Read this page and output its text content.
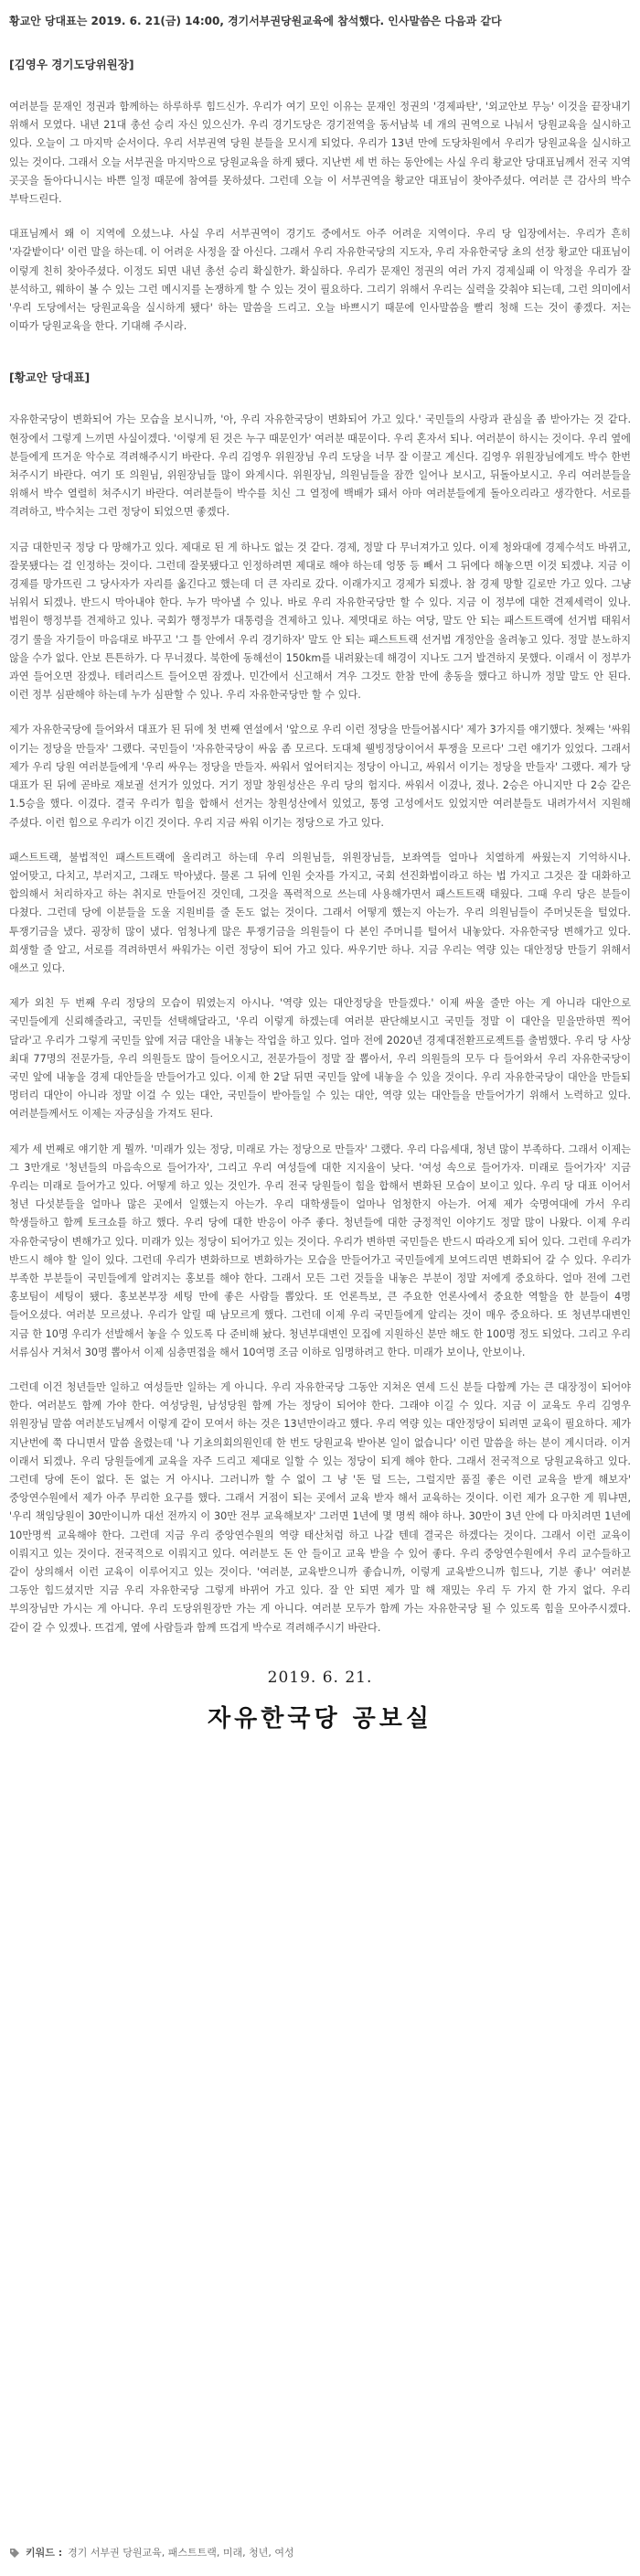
황교안 당대표는 2019. 6. 21(금) 14:00, 경기서부권당원교육에 참석했다. 인사말씀은 다음과 같다

[김영우 경기도당위원장]

여러분들 문재인 정권과 함께하는 하루하루 힘드신가. 우리가 여기 모인 이유는 문재인 정권의 '경제파탄', '외교안보 무능' 이것을 끝장내기 위해서 모였다. 내년 21대 총선 승리 자신 있으신가. 우리 경기도당은 경기전역을 동서남북 네 개의 권역으로 나눠서 당원교육을 실시하고 있다. 오늘이 그 마지막 순서이다. 우리 서부권역 당원 분들을 모시게 되었다. 우리가 13년 만에 도당차원에서 우리가 당원교육을 실시하고 있는 것이다. 그래서 오늘 서부권을 마지막으로 당원교육을 하게 됐다. 지난번 세 번 하는 동안에는 사실 우리 황교안 당대표님께서 전국 지역 곳곳을 돌아다니시는 바쁜 일정 때문에 참여를 못하셨다. 그런데 오늘 이 서부권역을 황교안 대표님이 찾아주셨다. 여러분 큰 감사의 박수 부탁드린다.

대표님께서 왜 이 지역에 오셨느냐. 사실 우리 서부권역이 경기도 중에서도 아주 어려운 지역이다. 우리 당 입장에서는. 우리가 흔히 '자갈밭이다' 이런 말을 하는데. 이 어려운 사정을 잘 아신다. 그래서 우리 자유한국당의 지도자, 우리 자유한국당 초의 선장 황교안 대표님이 이렇게 친히 찾아주셨다. 이정도 되면 내년 총선 승리 확실한가. 확실하다. 우리가 문재인 정권의 여러 가지 경제실패 이 악정을 우리가 잘 분석하고, 웨하이 볼 수 있는 그런 메시지를 논쟁하게 할 수 있는 것이 필요하다. 그리기 위해서 우리는 실력을 갖춰야 되는데, 그런 의미에서 '우리 도당에서는 당원교육을 실시하게 됐다' 하는 말씀을 드리고. 오늘 바쁘시기 때문에 인사말씀을 빨리 청해 드는 것이 좋겠다. 저는 이따가 당원교육을 한다. 기대해 주시라.

[황교안 당대표]

자유한국당이 변화되어 가는 모습을 보시니까, '아, 우리 자유한국당이 변화되어 가고 있다.' 국민들의 사랑과 관심을 좀 받아가는 것 같다. 현장에서 그렇게 느끼면 사실이겠다. '이렇게 된 것은 누구 때문인가' 여러분 때문이다. 우리 혼자서 되나. 여러분이 하시는 것이다. 우리 옆에 분들에게 뜨거운 악수로 격려해주시기 바란다. 우리 김영우 위원장님 우리 도당을 너무 잘 이끌고 계신다. 김영우 위원장님에게도 박수 한번 쳐주시기 바란다. 여기 또 의원님, 위원장님들 많이 와계시다. 위원장님, 의원님들을 잠깐 일어나 보시고, 뒤돌아보시고. 우리 여러분들을 위해서 박수 열렬히 쳐주시기 바란다. 여러분들이 박수를 치신 그 열정에 백배가 돼서 아마 여러분들에게 돌아오리라고 생각한다. 서로를 격려하고, 박수치는 그런 정당이 되었으면 좋겠다.

지금 대한민국 정당 다 망해가고 있다. 제대로 된 게 하나도 없는 것 같다. 경제, 정말 다 무너져가고 있다. 이제 청와대에 경제수석도 바뀌고, 잘못됐다는 걸 인정하는 것이다. 그런데 잘못됐다고 인정하려면 제대로 해야 하는데 엉뚱 등 빼서 그 뒤에다 해놓으면 이것 되겠냐. 지금 이 경제를 망가뜨린 그 당사자가 자리를 옮긴다고 했는데 더 큰 자리로 갔다. 이래가지고 경제가 되겠나. 참 경제 망할 길로만 가고 있다. 그냥 뉘워서 되겠나. 반드시 막아내야 한다. 누가 막아낼 수 있나. 바로 우리 자유한국당만 할 수 있다. 지금 이 정부에 대한 견제세력이 있나. 법원이 행정부를 견제하고 있나. 국회가 행정부가 대통령을 견제하고 있나. 제멋대로 하는 여당, 말도 안 되는 패스트트랙에 선거법 태워서 경기 룰을 자기들이 마음대로 바꾸고 '그 틀 안에서 우리 경기하자' 말도 안 되는 패스트트랙 선거법 개정안을 올려놓고 있다. 정말 분노하지 않을 수가 없다. 안보 튼튼하가. 다 무너졌다. 북한에 동해선이 150km를 내려왔는데 해경이 지나도 그거 발견하지 못했다. 이래서 이 정부가 과연 들어오면 잠겠나. 테러리스트 들어오면 잠겠나. 민간에서 신고해서 겨우 그것도 한참 만에 총동을 했다고 하니까 정말 말도 안 된다. 이런 정부 심판해야 하는데 누가 심판할 수 있나. 우리 자유한국당만 할 수 있다.

제가 자유한국당에 들어와서 대표가 된 뒤에 첫 번째 연설에서 '앞으로 우리 이런 정당을 만들어봅시다' 제가 3가지를 얘기했다. 첫째는 '싸워 이기는 정당을 만들자' 그랬다. 국민들이 '자유한국당이 싸움 좀 모르다. 도대체 웰빙정당이어서 투쟁을 모르다' 그런 얘기가 있었다. 그래서 제가 우리 당원 여러분들에게 '우리 싸우는 정당을 만들자. 싸워서 엎어터지는 정당이 아니고, 싸워서 이기는 정당을 만들자' 그랬다. 제가 당 대표가 된 뒤에 곧바로 재보궐 선거가 있었다. 거기 정말 창원성산은 우리 당의 험지다. 싸워서 이겼나, 졌나. 2승은 아니지만 다 2승 같은 1.5승을 했다. 이겼다. 결국 우리가 힘을 합해서 선거는 창원성산에서 있었고, 통영 고성에서도 있었지만 여러분들도 내려가셔서 지원해 주셨다. 이런 힘으로 우리가 이긴 것이다. 우리 지금 싸워 이기는 정당으로 가고 있다.

패스트트랙, 불법적인 패스트트랙에 올리려고 하는데 우리 의원님들, 위원장님들, 보좌역들 얼마나 치열하게 싸웠는지 기억하시나. 엎어맞고, 다치고, 부러지고, 그래도 막아냈다. 물론 그 뒤에 인원 숫자를 가지고, 국회 선진화법이라고 하는 법 가지고 그것은 잘 대화하고 합의해서 처리하자고 하는 취지로 만들어진 것인데, 그것을 폭력적으로 쓰는데 사용해가면서 패스트트랙 태웠다. 그때 우리 당은 분들이 다쳤다. 그런데 당에 이분들을 도울 지원비를 줄 돈도 없는 것이다. 그래서 어떻게 했는지 아는가. 우리 의원님들이 주머닛돈을 털었다. 투쟁기금을 냈다. 굉장히 많이 냈다. 엄청나게 많은 투쟁기금을 의원들이 다 본인 주머니를 털어서 내놓았다. 자유한국당 변해가고 있다. 희생할 줄 알고, 서로를 격려하면서 싸워가는 이런 정당이 되어 가고 있다. 싸우기만 하나. 지금 우리는 역량 있는 대안정당 만들기 위해서 애쓰고 있다.

제가 외친 두 번째 우리 정당의 모습이 뭐였는지 아시나. '역량 있는 대안정당을 만들겠다.' 이제 싸울 줄만 아는 게 아니라 대안으로 국민들에게 신뢰해줄라고, 국민들 선택해달라고, '우리 이렇게 하겠는데 여러분 판단해보시고 국민들 정말 이 대안을 믿을만하면 찍어 달라'고 우리가 그렇게 국민들 앞에 저금 대안을 내놓는 작업을 하고 있다. 얼마 전에 2020년 경제대전환프로젝트를 출범했다. 우리 당 사상 최대 77명의 전문가들, 우리 의원들도 많이 들어오시고, 전문가들이 정말 잘 뽑아서, 우리 의원들의 모두 다 들어와서 우리 자유한국당이 국민 앞에 내놓을 경제 대안들을 만들어가고 있다. 이제 한 2달 뒤면 국민들 앞에 내놓을 수 있을 것이다. 우리 자유한국당이 대안을 만들되 멍터리 대안이 아니라 정말 이걸 수 있는 대안, 국민들이 받아들일 수 있는 대안, 역량 있는 대안들을 만들어가기 위해서 노력하고 있다. 여러분들께서도 이제는 자긍심을 가져도 된다.

제가 세 번째로 얘기한 게 뭘까. '미래가 있는 정당, 미래로 가는 정당으로 만들자' 그랬다. 우리 다음세대, 청년 많이 부족하다. 그래서 이제는 그 3만개로 '청년들의 마음속으로 들어가자', 그리고 우리 여성들에 대한 지지율이 낮다. '여성 속으로 들어가자. 미래로 들어가자' 지금 우리는 미래로 들어가고 있다. 어떻게 하고 있는 것인가. 우리 전국 당원들이 힘을 합해서 변화된 모습이 보이고 있다. 우리 당 대표 이어서 청년 다섯분들을 얼마나 많은 곳에서 일했는지 아는가. 우리 대학생들이 얼마나 엄청한지 아는가. 어제 제가 숙명여대에 가서 우리 학생들하고 함께 토크쇼를 하고 했다. 우리 당에 대한 반응이 아주 좋다. 청년들에 대한 긍정적인 이야기도 정말 많이 나왔다. 이제 우리 자유한국당이 변해가고 있다. 미래가 있는 정당이 되어가고 있는 것이다. 우리가 변하면 국민들은 반드시 따라오게 되어 있다. 그런데 우리가 반드시 해야 할 일이 있다. 그런데 우리가 변화하므로 변화하가는 모습을 만들어가고 국민들에게 보여드리면 변화되어 갈 수 있다. 우리가 부족한 부분들이 국민들에게 알려지는 홍보를 해야 한다. 그래서 모든 그런 것들을 내놓은 부분이 정말 저에게 중요하다. 얼마 전에 그런 홍보팀이 세팅이 됐다. 홍보본부장 세팅 만에 좋은 사람들 뽑았다. 또 언론특보, 큰 주요한 언론사에서 중요한 역할을 한 분들이 4명 들어오셨다. 여러분 모르셨나. 우리가 알릴 때 남모르게 했다. 그런데 이제 우리 국민들에게 알리는 것이 매우 중요하다. 또 청년부대변인 지금 한 10명 우리가 선발해서 놓을 수 있도록 다 준비해 놨다. 청년부대변인 모집에 지원하신 분만 해도 한 100명 정도 되었다. 그리고 우리 서류심사 거쳐서 30명 뽑아서 이제 심층면접을 해서 10여명 조금 이하로 임명하려고 한다. 미래가 보이나, 안보이나.

그런데 이건 청년들만 일하고 여성들만 일하는 게 아니다. 우리 자유한국당 그동안 지쳐온 연세 드신 분들 다함께 가는 큰 대장정이 되어야 한다. 여러분도 함께 가야 한다. 여성당원, 남성당원 함께 가는 정당이 되어야 한다. 그래야 이길 수 있다. 지금 이 교육도 우리 김영우 위원장님 말씀 여러분도님께서 이렇게 같이 모여서 하는 것은 13년만이라고 했다. 우리 역량 있는 대안정당이 되려면 교육이 필요하다. 제가 지난번에 쭉 다니면서 말씀 올렸는데 '나 기초의회의원인데 한 번도 당원교육 받아본 일이 없습니다' 이런 말씀을 하는 분이 계시더라. 이거 이래서 되겠나. 우리 당원들에게 교육을 자주 드리고 제대로 일할 수 있는 정당이 되게 해야 한다. 그래서 전국적으로 당원교육하고 있다. 그런데 당에 돈이 없다. 돈 없는 거 아시나. 그러니까 할 수 없이 그 냥 '돈 덜 드는, 그럴지만 품질 좋은 이런 교육을 받게 해보자' 중앙연수원에서 제가 아주 무리한 요구를 했다. 그래서 거점이 되는 곳에서 교육 받자 해서 교육하는 것이다. 이런 제가 요구한 게 뭐냐면, '우리 책임당원이 30만이니까 대선 전까지 이 30만 전부 교육해보자' 그러면 1년에 몇 명씩 해야 하나. 30만이 3년 안에 다 마치려면 1년에 10만명씩 교육해야 한다. 그런데 지금 우리 중앙연수원의 역량 태산처럼 하고 나갈 텐데 결국은 하겠다는 것이다. 그래서 이런 교육이 이뤄지고 있는 것이다. 전국적으로 이뤄지고 있다. 여러분도 돈 안 들이고 교육 받을 수 있어 좋다. 우리 중앙연수원에서 우리 교수들하고 같이 상의해서 이런 교육이 이루어지고 있는 것이다. '여러분, 교육받으니까 좋습니까, 이렇게 교육받으니까 힘드나, 기분 좋나' 여러분 그동안 힘드셨지만 지금 우리 자유한국당 그렇게 바뀌어 가고 있다. 잘 안 되면 제가 말 해 재밌는 우리 두 가지 한 가지 없다. 우리 부의장님만 가시는 게 아니다. 우리 도당위원장만 가는 게 아니다. 여러분 모두가 함께 가는 자유한국당 될 수 있도록 힘을 모아주시겠다. 같이 갈 수 있겠나. 뜨겁게, 옆에 사람들과 함께 뜨겁게 박수로 격려해주시기 바란다.

2019. 6. 21.
자유한국당 공보실
키워드 : 경기 서부권 당원교육, 패스트트랙, 미래, 청년, 여성
